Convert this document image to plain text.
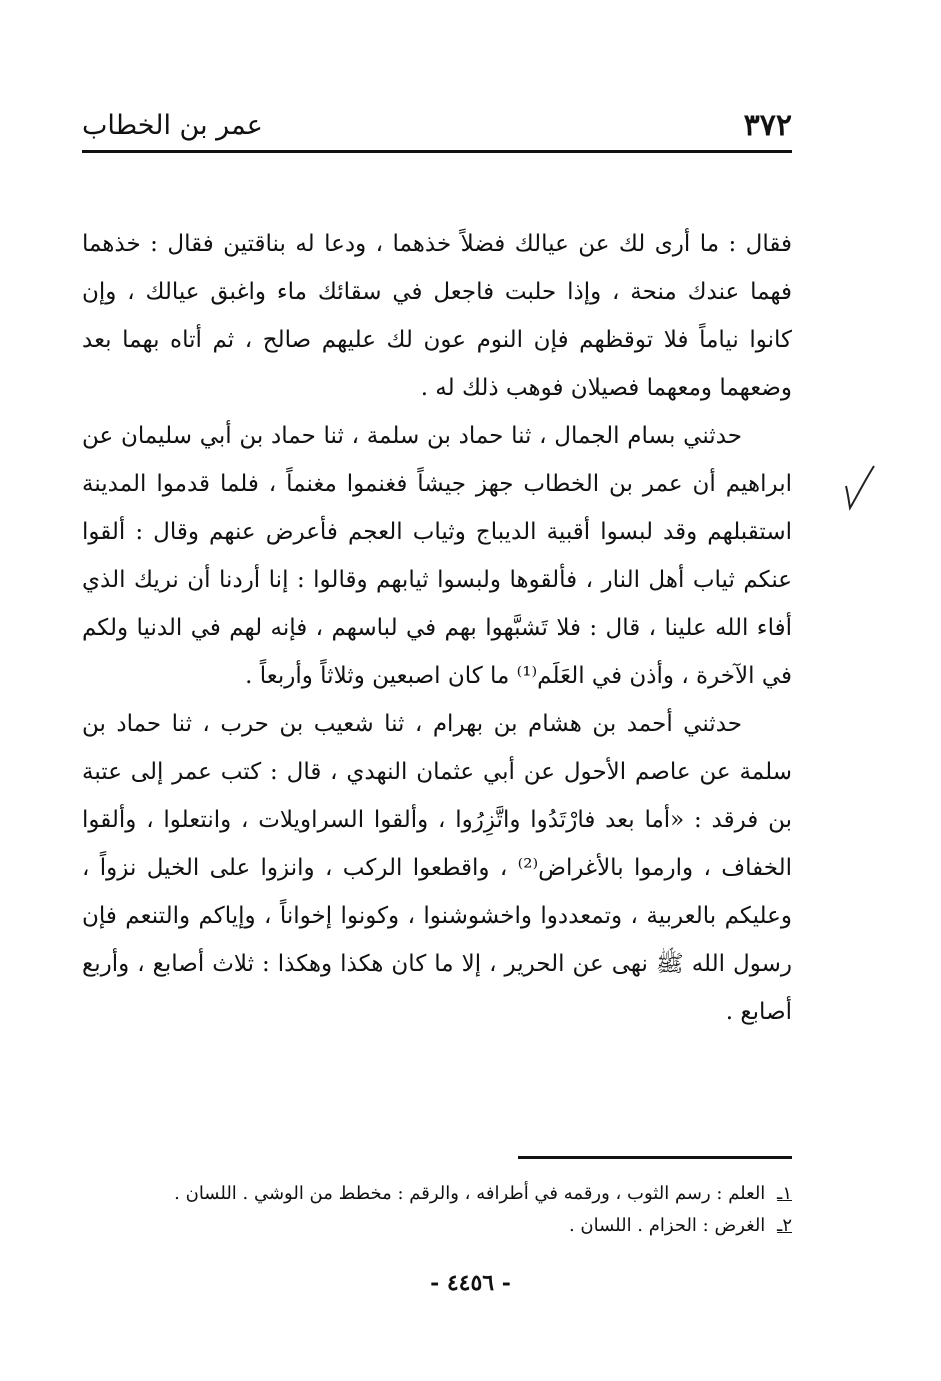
٣٧٢
عمر بن الخطاب

فقال : ما أرى لك عن عيالك فضلاً خذهما ، ودعا له بناقتين فقال : خذهما فهما عندك منحة ، وإذا حلبت فاجعل في سقائك ماء واغبق عيالك ، وإن كانوا نياماً فلا توقظهم فإن النوم عون لك عليهم صالح ، ثم أتاه بهما بعد وضعهما ومعهما فصيلان فوهب ذلك له .

حدثني بسام الجمال ، ثنا حماد بن سلمة ، ثنا حماد بن أبي سليمان عن ابراهيم أن عمر بن الخطاب جهز جيشاً فغنموا مغنماً ، فلما قدموا المدينة استقبلهم وقد لبسوا أقبية الديباج وثياب العجم فأعرض عنهم وقال : ألقوا عنكم ثياب أهل النار ، فألقوها ولبسوا ثيابهم وقالوا : إنا أردنا أن نريك الذي أفاء الله علينا ، قال : فلا تَشبَّهوا بهم في لباسهم ، فإنه لهم في الدنيا ولكم في الآخرة ، وأذن في العَلَم⁽¹⁾ ما كان اصبعين وثلاثاً وأربعاً .

حدثني أحمد بن هشام بن بهرام ، ثنا شعيب بن حرب ، ثنا حماد بن سلمة عن عاصم الأحول عن أبي عثمان النهدي ، قال : كتب عمر إلى عتبة بن فرقد : «أما بعد فارْتَدُوا واتَّزِرُوا ، وألقوا السراويلات ، وانتعلوا ، وألقوا الخفاف ، وارموا بالأغراض⁽²⁾ ، واقطعوا الركب ، وانزوا على الخيل نزواً ، وعليكم بالعربية ، وتمعددوا واخشوشنوا ، وكونوا إخواناً ، وإياكم والتنعم فإن رسول الله ﷺ نهى عن الحرير ، إلا ما كان هكذا وهكذا : ثلاث أصابع ، وأربع أصابع .

١ـ العلم : رسم الثوب ، ورقمه في أطرافه ، والرقم : مخطط من الوشي . اللسان .

٢ـ الغرض : الحزام . اللسان .

- ٤٤٥٦ -
